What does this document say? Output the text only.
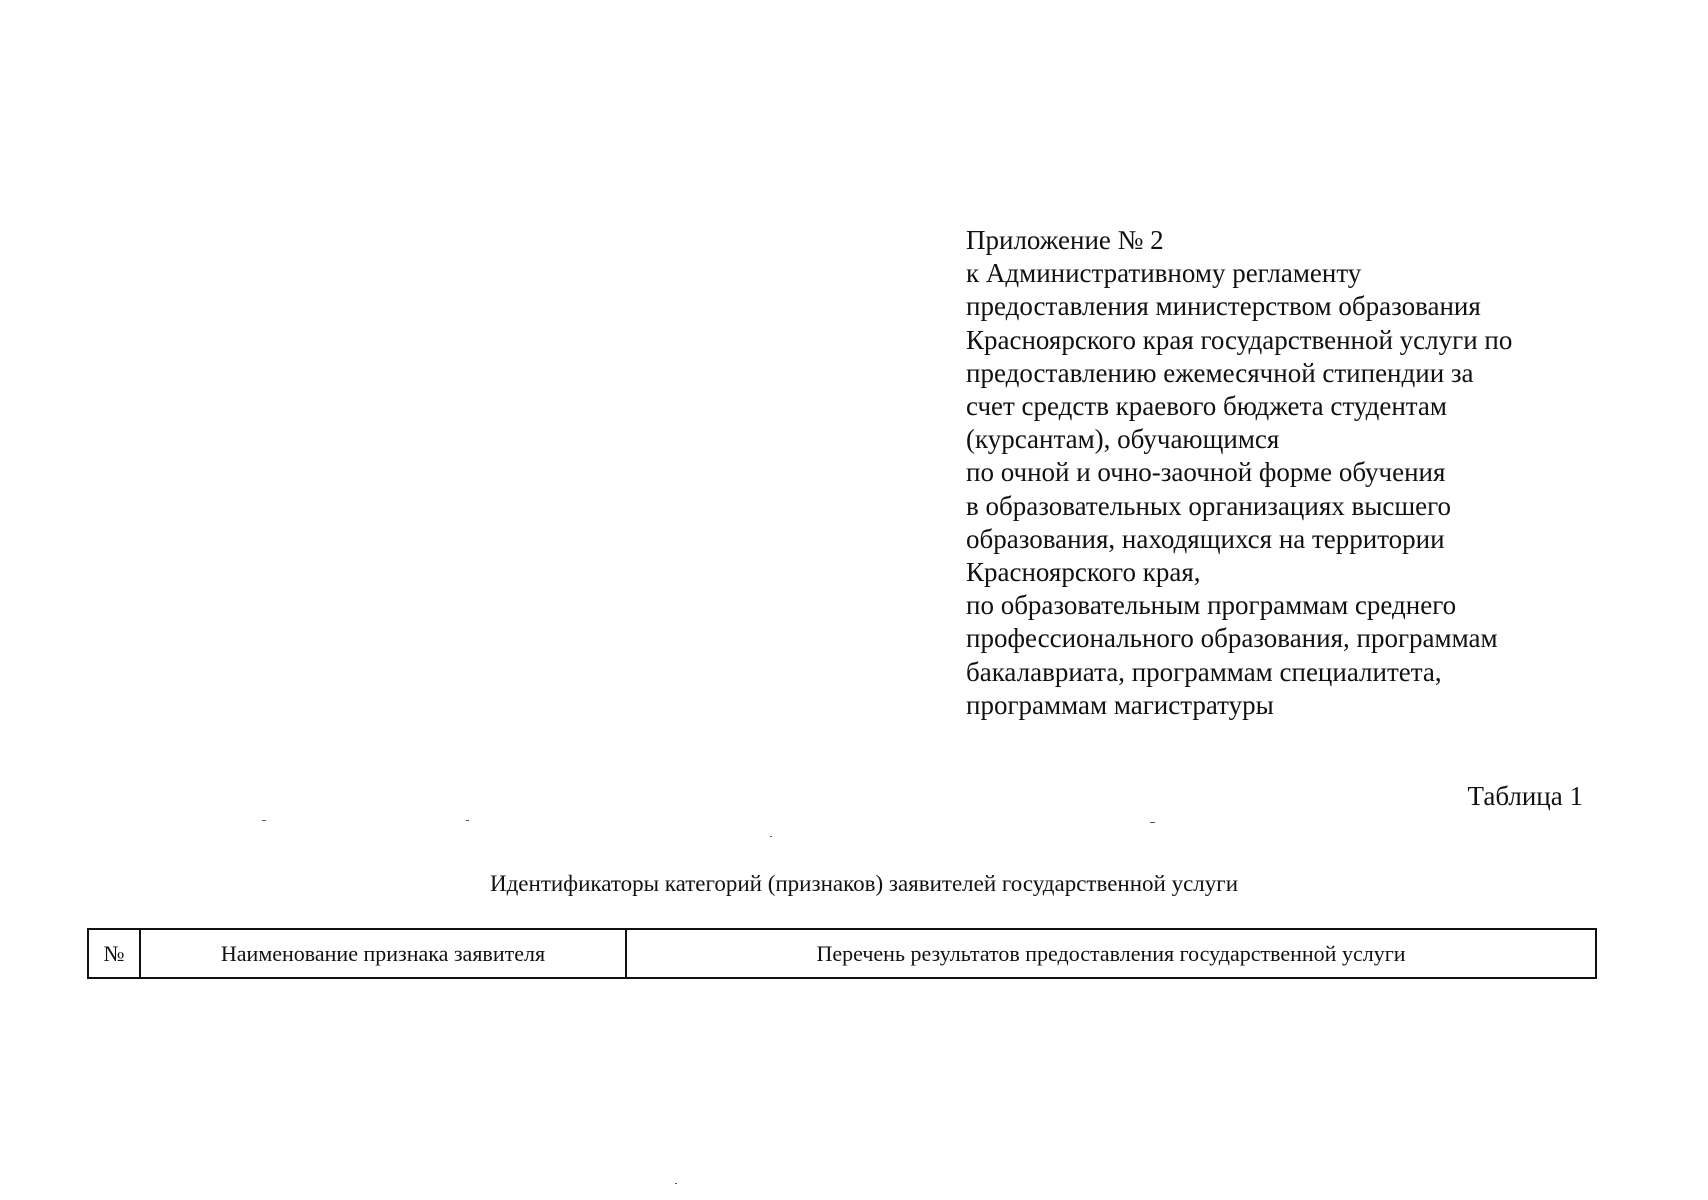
Приложение № 2
к Административному регламенту
предоставления министерством образования
Красноярского края государственной услуги по
предоставлению ежемесячной стипендии за
счет средств краевого бюджета студентам
(курсантам), обучающимся
по очной и очно-заочной форме обучения
в образовательных организациях высшего
образования, находящихся на территории
Красноярского края,
по образовательным программам среднего
профессионального образования, программам
бакалавриата, программам специалитета,
программам магистратуры
Таблица 1
Идентификаторы категорий (признаков) заявителей государственной услуги
№	Наименование признака заявителя	Перечень результатов предоставления государственной услуги
